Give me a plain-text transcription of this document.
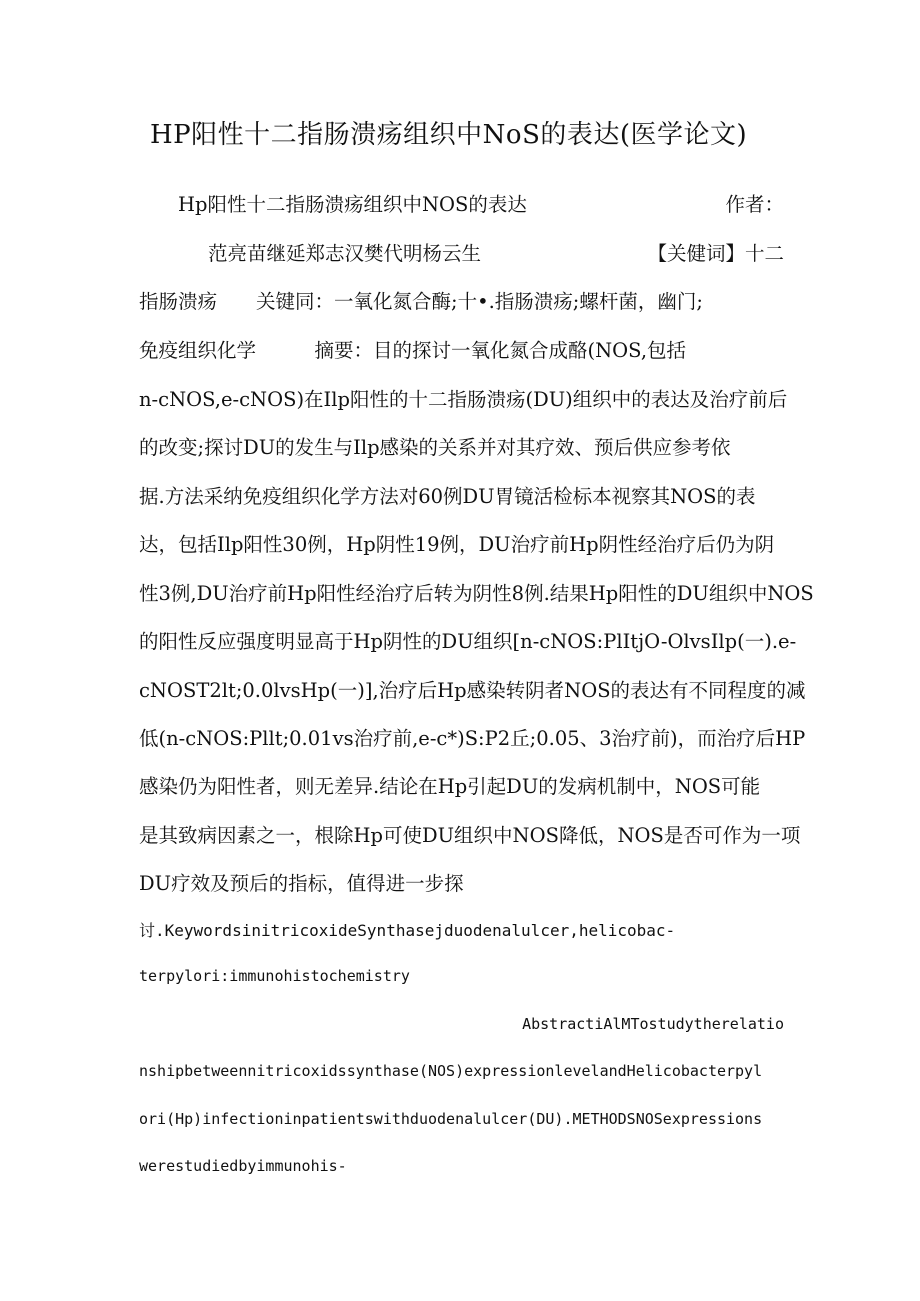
HP阳性十二指肠溃疡组织中NoS的表达(医学论文)
Hp阳性十二指肠溃疡组织中NOS的表达	作者：
范亮苗继延郑志汉樊代明杨云生	【关健词】十二
指肠溃疡　　关键同：一氧化氮合酶;十•.指肠溃疡;螺杆菌，幽门;
免疫组织化学　　　摘要：目的探讨一氧化氮合成酪(NOS,包括
n-cNOS,e-cNOS)在Ilp阳性的十二指肠溃疡(DU)组织中的表达及治疗前后
的改变;探讨DU的发生与Ilp感染的关系并对其疗效、预后供应参考依
据.方法采纳免疫组织化学方法对60例DU胃镜活检标本视察其NOS的表
达，包括Ilp阳性30例，Hp阴性19例，DU治疗前Hp阴性经治疗后仍为阴
性3例,DU治疗前Hp阳性经治疗后转为阴性8例.结果Hp阳性的DU组织中NOS
的阳性反应强度明显高于Hp阴性的DU组织[n-cNOS:PlItjO-OlvsIlp(一).e-
cNOST2lt;0.0lvsHp(一)],治疗后Hp感染转阴者NOS的表达有不同程度的减
低(n-cNOS:Pllt;0.01vs治疗前,e-c*)S:P2丘;0.05、3治疗前)，而治疗后HP
感染仍为阳性者，则无差异.结论在Hp引起DU的发病机制中，NOS可能
是其致病因素之一，根除Hp可使DU组织中NOS降低，NOS是否可作为一项
DU疗效及预后的指标，值得进一步探
讨.KeywordsinitricoxideSynthasejduodenalulcer,helicobac-
terpylori:immunohistochemistry
AbstractiAlMTostudytherelatio
nshipbetweennitricoxidssynthase(NOS)expressionlevelandHelicobacterpyl
ori(Hp)infectioninpatientswithduodenalulcer(DU).METHODSNOSexpressions
werestudiedbyimmunohis-
